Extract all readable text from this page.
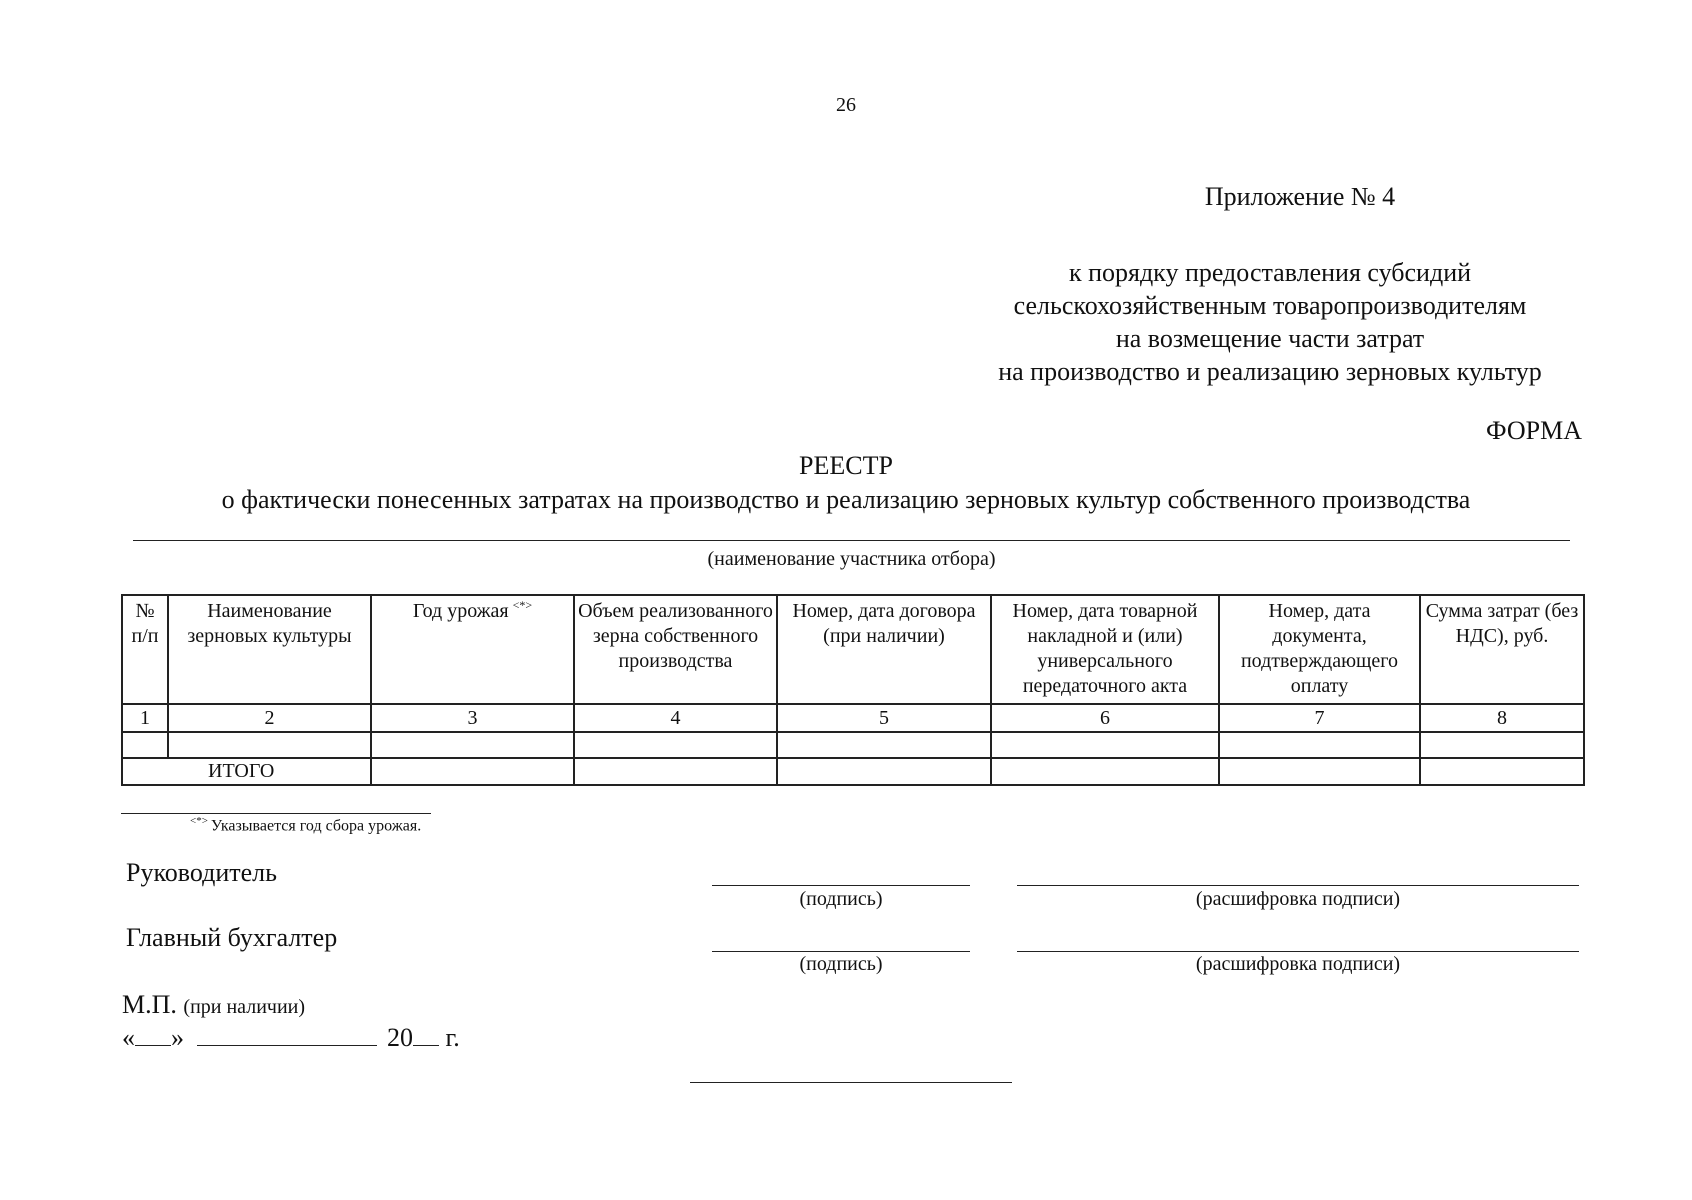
26
Приложение № 4
к порядку предоставления субсидий
сельскохозяйственным товаропроизводителям
на возмещение части затрат
на производство и реализацию зерновых культур
ФОРМА
РЕЕСТР
о фактически понесенных затратах на производство и реализацию зерновых культур собственного производства
(наименование участника отбора)
№ п/п	Наименование зерновых культуры	Год урожая <*>	Объем реализованного зерна собственного производства	Номер, дата договора (при наличии)	Номер, дата товарной накладной и (или) универсального передаточного акта	Номер, дата документа, подтверждающего оплату	Сумма затрат (без НДС), руб.
1	2	3	4	5	6	7	8

ИТОГО							
<*> Указывается год сбора урожая.
Руководитель
(подпись)	(расшифровка подписи)
Главный бухгалтер
(подпись)	(расшифровка подписи)
М.П. (при наличии)
« »	20 г.
